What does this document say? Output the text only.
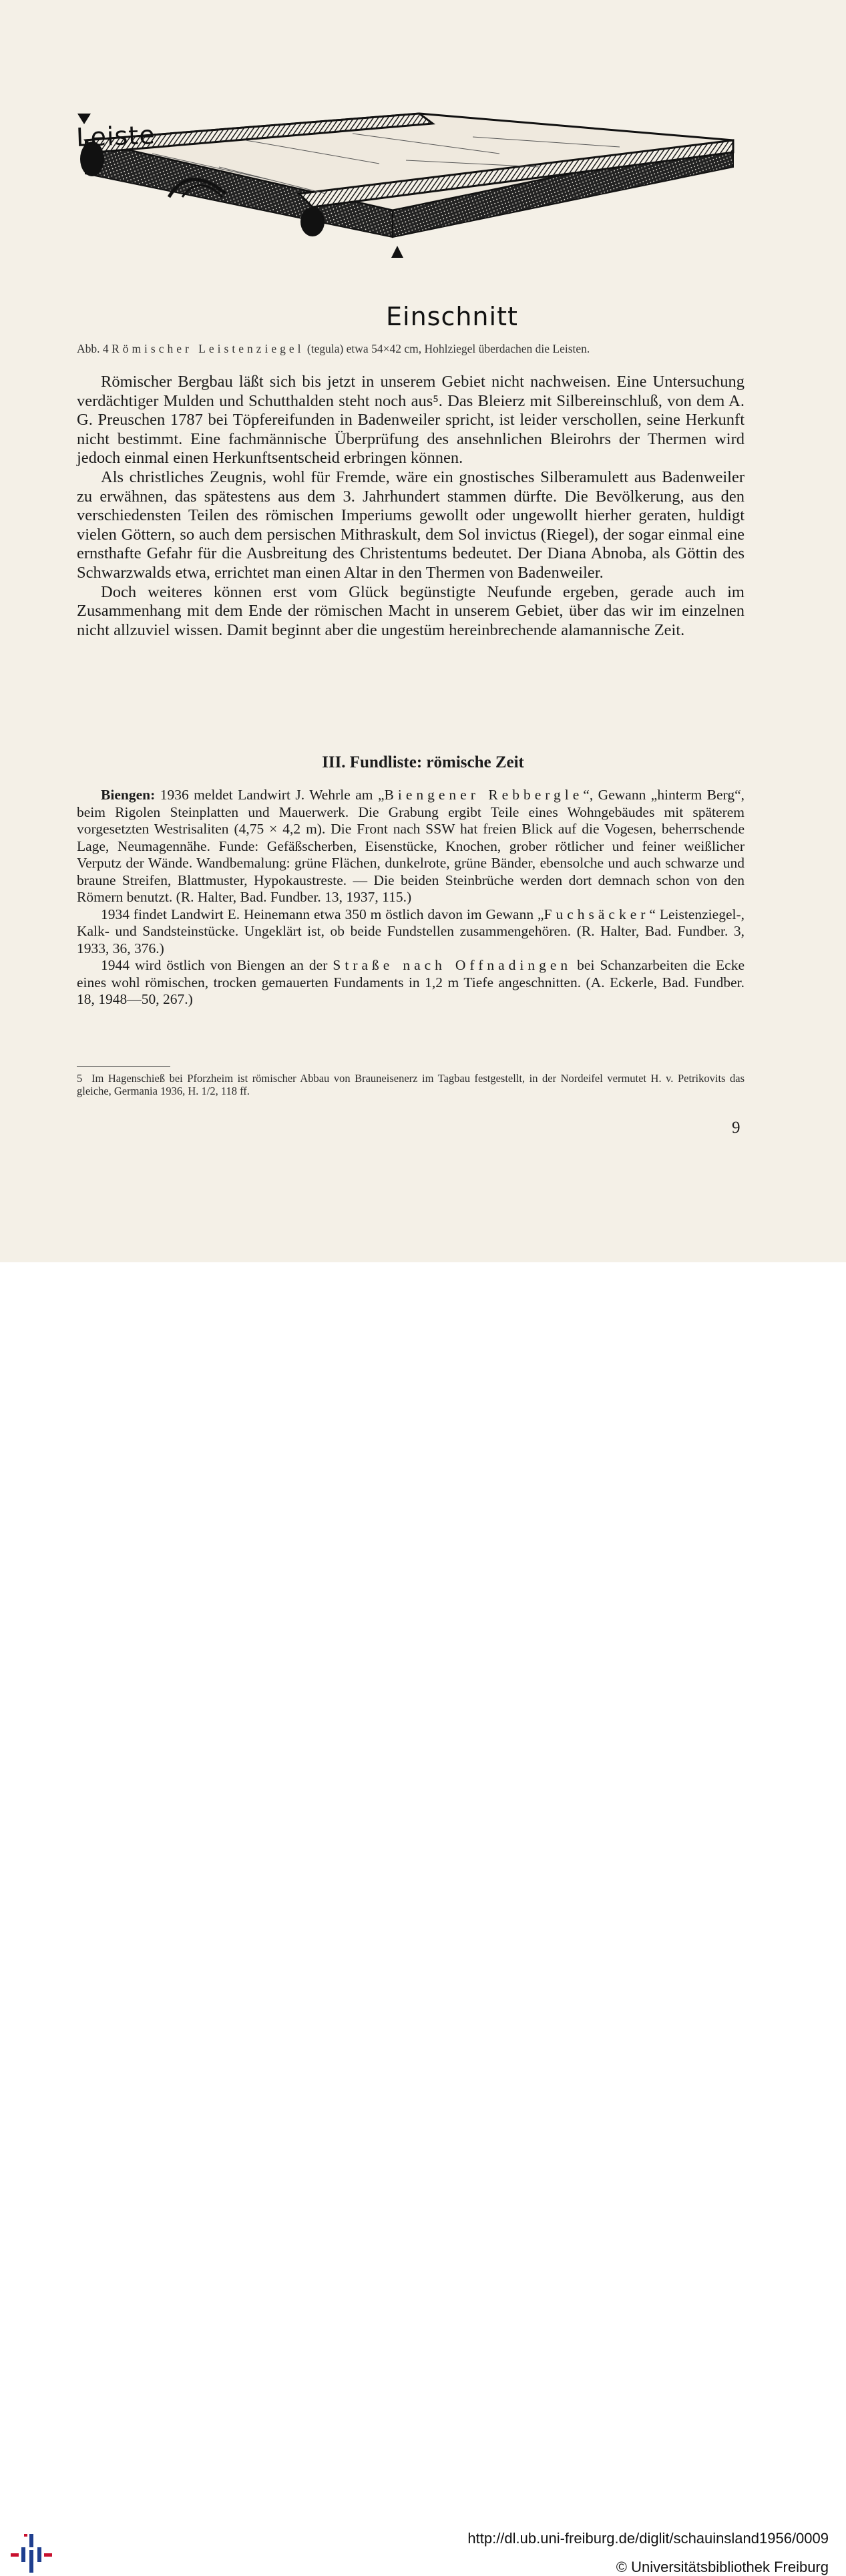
Leiste
Einschnitt
Abb. 4 Römischer Leistenziegel (tegula) etwa 54×42 cm, Hohlziegel überdachen die Leisten.

Römischer Bergbau läßt sich bis jetzt in unserem Gebiet nicht nachweisen. Eine Untersuchung verdächtiger Mulden und Schutthalden steht noch aus⁵. Das Bleierz mit Silbereinschluß, von dem A. G. Preuschen 1787 bei Töpfereifunden in Badenweiler spricht, ist leider verschollen, seine Herkunft nicht bestimmt. Eine fachmännische Überprüfung des ansehnlichen Bleirohrs der Thermen wird jedoch einmal einen Herkunftsentscheid erbringen können.

Als christliches Zeugnis, wohl für Fremde, wäre ein gnostisches Silberamulett aus Badenweiler zu erwähnen, das spätestens aus dem 3. Jahrhundert stammen dürfte. Die Bevölkerung, aus den verschiedensten Teilen des römischen Imperiums gewollt oder ungewollt hierher geraten, huldigt vielen Göttern, so auch dem persischen Mithraskult, dem Sol invictus (Riegel), der sogar einmal eine ernsthafte Gefahr für die Ausbreitung des Christentums bedeutet. Der Diana Abnoba, als Göttin des Schwarzwalds etwa, errichtet man einen Altar in den Thermen von Badenweiler.

Doch weiteres können erst vom Glück begünstigte Neufunde ergeben, gerade auch im Zusammenhang mit dem Ende der römischen Macht in unserem Gebiet, über das wir im einzelnen nicht allzuviel wissen. Damit beginnt aber die ungestüm hereinbrechende alamannische Zeit.

III. Fundliste: römische Zeit

Biengen: 1936 meldet Landwirt J. Wehrle am „Biengener Rebbergle“, Gewann „hinterm Berg“, beim Rigolen Steinplatten und Mauerwerk. Die Grabung ergibt Teile eines Wohngebäudes mit späterem vorgesetzten Westrisaliten (4,75 × 4,2 m). Die Front nach SSW hat freien Blick auf die Vogesen, beherrschende Lage, Neumagennähe. Funde: Gefäßscherben, Eisenstücke, Knochen, grober rötlicher und feiner weißlicher Verputz der Wände. Wandbemalung: grüne Flächen, dunkelrote, grüne Bänder, ebensolche und auch schwarze und braune Streifen, Blattmuster, Hypokaustreste. — Die beiden Steinbrüche werden dort demnach schon von den Römern benutzt. (R. Halter, Bad. Fundber. 13, 1937, 115.)

1934 findet Landwirt E. Heinemann etwa 350 m östlich davon im Gewann „Fuchsäcker“ Leistenziegel-, Kalk- und Sandsteinstücke. Ungeklärt ist, ob beide Fundstellen zusammengehören. (R. Halter, Bad. Fundber. 3, 1933, 36, 376.)

1944 wird östlich von Biengen an der Straße nach Offnadingen bei Schanzarbeiten die Ecke eines wohl römischen, trocken gemauerten Fundaments in 1,2 m Tiefe angeschnitten. (A. Eckerle, Bad. Fundber. 18, 1948—50, 267.)

5 Im Hagenschieß bei Pforzheim ist römischer Abbau von Brauneisenerz im Tagbau festgestellt, in der Nordeifel vermutet H. v. Petrikovits das gleiche, Germania 1936, H. 1/2, 118 ff.
9
http://dl.ub.uni-freiburg.de/diglit/schauinsland1956/0009
© Universitätsbibliothek Freiburg
